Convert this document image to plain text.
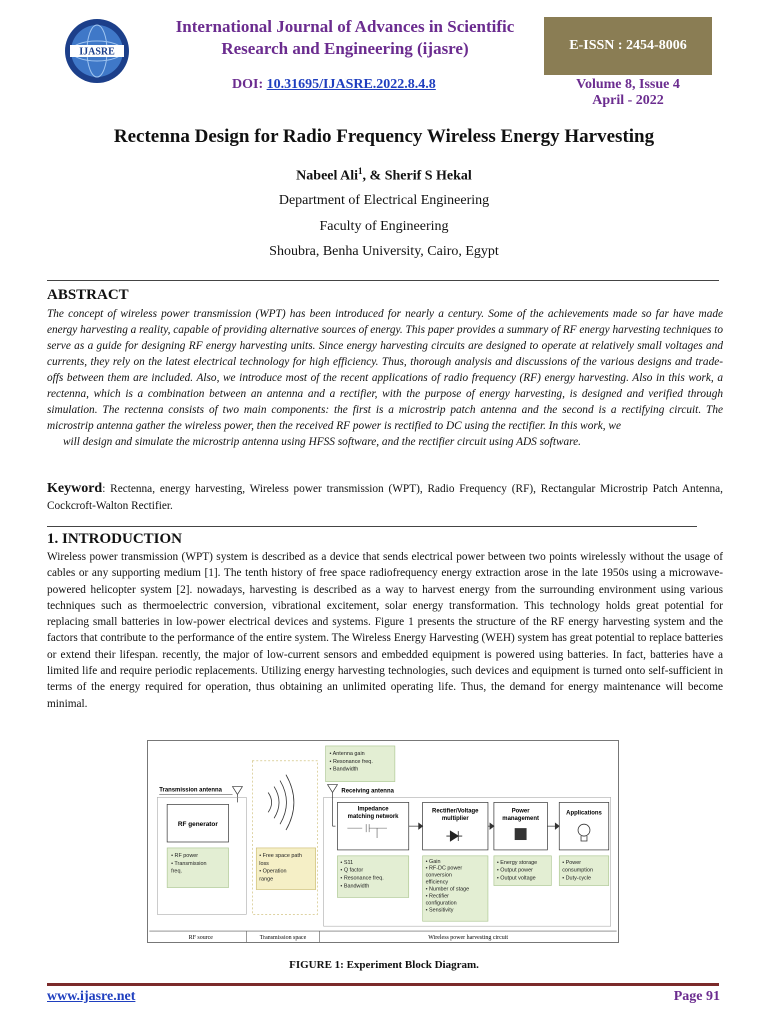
IJASRE
International Journal of Advances in Scientific
Research and Engineering (ijasre)	E-ISSN : 2454-8006
DOI: 10.31695/IJASRE.2022.8.4.8	Volume 8, Issue 4
April - 2022
Rectenna Design for Radio Frequency Wireless Energy Harvesting
Nabeel Ali$^1$, & Sherif S Hekal
Department of Electrical Engineering
Faculty of Engineering
Shoubra, Benha University, Cairo, Egypt
ABSTRACT
The concept of wireless power transmission (WPT) has been introduced for nearly a century. Some of the achievements made so far have made energy harvesting a reality, capable of providing alternative sources of energy. This paper provides a summary of RF energy harvesting techniques to serve as a guide for designing RF energy harvesting units. Since energy harvesting circuits are designed to operate at relatively small voltages and currents, they rely on the latest electrical technology for high efficiency. Thus, thorough analysis and discussions of the various designs and trade-offs between them are included. Also, we introduce most of the recent applications of radio frequency (RF) energy harvesting. Also in this work, a rectenna, which is a combination between an antenna and a rectifier, with the purpose of energy harvesting, is designed and verified through simulation. The rectenna consists of two main components: the first is a microstrip patch antenna and the second is a rectifying circuit. The microstrip antenna gather the wireless power, then the received RF power is rectified to DC using the rectifier. In this work, we
will design and simulate the microstrip antenna using HFSS software, and the rectifier circuit using ADS software.
Keyword: Rectenna, energy harvesting, Wireless power transmission (WPT), Radio Frequency (RF), Rectangular Microstrip Patch Antenna, Cockcroft-Walton Rectifier.
1. INTRODUCTION
Wireless power transmission (WPT) system is described as a device that sends electrical power between two points wirelessly without the usage of cables or any supporting medium [1]. The tenth history of free space radiofrequency energy extraction arose in the late 1950s using a microwave-powered helicopter system [2]. nowadays, harvesting is described as a way to harvest energy from the surrounding environment using various techniques such as thermoelectric conversion, vibrational excitement, solar energy transformation. This technology holds great potential for replacing small batteries in low-power electrical devices and systems. Figure 1 presents the structure of the RF energy harvesting system and the factors that contribute to the performance of the entire system. The Wireless Energy Harvesting (WEH) system has great potential to replace batteries or extend their lifespan. recently, the major of low-current sensors and embedded equipment is powered using batteries. In fact, batteries have a limited life and require periodic replacements. Utilizing energy harvesting technologies, such devices and equipment is turned onto self-sufficient in terms of the energy required for operation, thus obtaining an unlimited operating life. Thus, the demand for energy maintenance will become minimal.
• Antenna gain
• Resonance freq.
• Bandwidth
Transmission antenna
RF generator
• RF power
• Transmission
freq.
• Free space path
loss
• Operation
range
Receiving antenna
Impedance
matching network
• S11
• Q factor
• Resonance freq.
• Bandwidth
Rectifier/Voltage
multiplier
• Gain
• RF-DC power
conversion
efficiency
• Number of stage
• Rectifier
configuration
• Sensitivity
Power
management
• Energy storage
• Output power
• Output voltage
Applications
• Power
consumption
• Duty-cycle
RF source	Transmission space	Wireless power harvesting circuit
FIGURE 1: Experiment Block Diagram.
www.ijasre.net	Page 91
